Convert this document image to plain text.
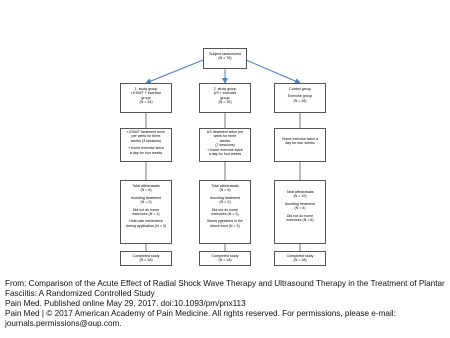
Subject randomized
(N = 78)
1. study group
r-ESWT + exercise
group
(N = 24)
r-ESWT treatment once
per week for three
weeks (3 sessions)
+ home exercise twice
a day for four weeks
Total withdrawals
(N = 6)
Avoiding treatment
(N = 2)
Did not do home
exercises (N = 1)
Host pain intolerance
during application (N = 3)
Completed study
(N = 18)
2. study group
US + exercise
group
(N = 26)
US treatment twice per
week for three
weeks
(7 sessions)
+ home exercise twice
a day for four weeks
Total withdrawals
(N = 8)
Avoiding treatment
(N = 2)
Did not do home
exercises (N = 3)
Saves ygestions in the
shock food (N = 3)
Completed study
(N = 18)
Control group
Exercise group
(N = 28)
Home exercise twice a
day for four weeks
Total withdrawals
(N = 10)
Avoiding treatment
(N = 4)
Did not do home
exercises (N = 6)
Completed study
(N = 18)
From: Comparison of the Acute Effect of Radial Shock Wave Therapy and Ultrasound Therapy in the Treatment of Plantar Fasciitis: A Randomized Controlled Study
Pain Med. Published online May 29, 2017. doi:10.1093/pm/pnx113
Pain Med | © 2017 American Academy of Pain Medicine. All rights reserved. For permissions, please e-mail: journals.permissions@oup.com.
